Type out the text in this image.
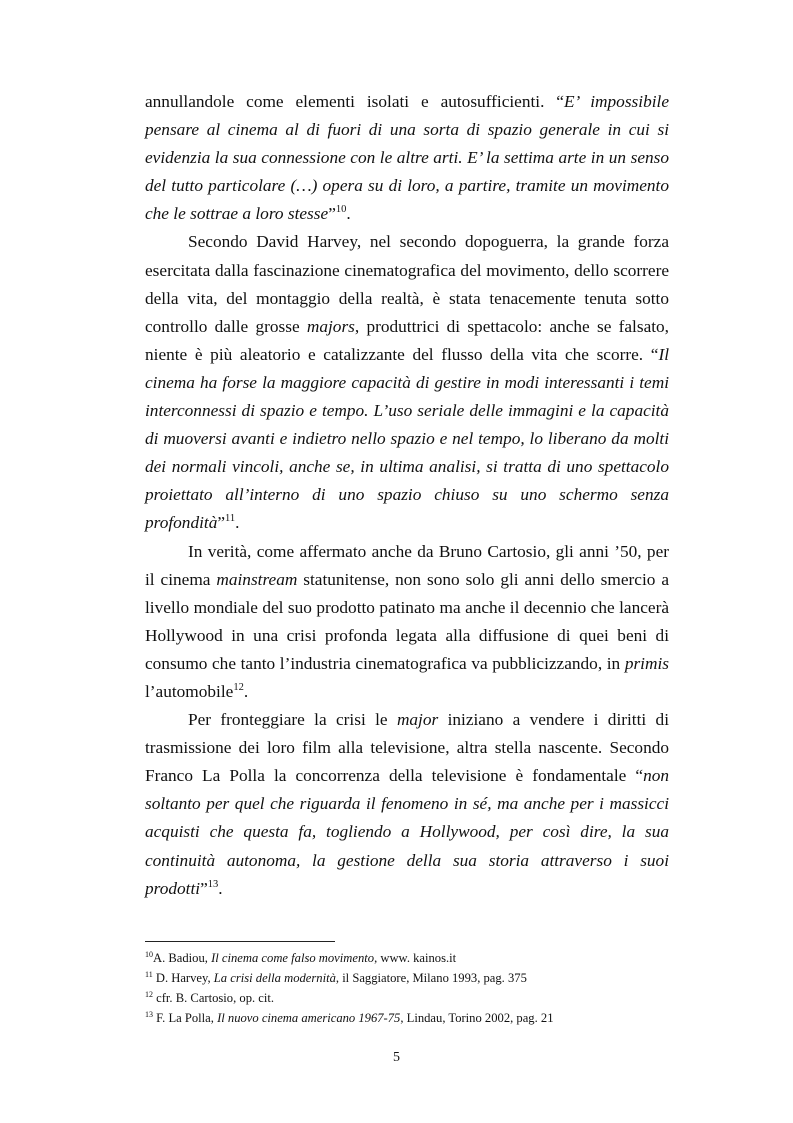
annullandole come elementi isolati e autosufficienti. “E’ impossibile pensare al cinema al di fuori di una sorta di spazio generale in cui si evidenzia la sua connessione con le altre arti. E’ la settima arte in un senso del tutto particolare (…) opera su di loro, a partire, tramite un movimento che le sottrae a loro stesse”$^{10}$.

Secondo David Harvey, nel secondo dopoguerra, la grande forza esercitata dalla fascinazione cinematografica del movimento, dello scorrere della vita, del montaggio della realtà, è stata tenacemente tenuta sotto controllo dalle grosse majors, produttrici di spettacolo: anche se falsato, niente è più aleatorio e catalizzante del flusso della vita che scorre. “Il cinema ha forse la maggiore capacità di gestire in modi interessanti i temi interconnessi di spazio e tempo. L’uso seriale delle immagini e la capacità di muoversi avanti e indietro nello spazio e nel tempo, lo liberano da molti dei normali vincoli, anche se, in ultima analisi, si tratta di uno spettacolo proiettato all’interno di uno spazio chiuso su uno schermo senza profondità”$^{11}$.

In verità, come affermato anche da Bruno Cartosio, gli anni ’50, per il cinema mainstream statunitense, non sono solo gli anni dello smercio a livello mondiale del suo prodotto patinato ma anche il decennio che lancerà Hollywood in una crisi profonda legata alla diffusione di quei beni di consumo che tanto l’industria cinematografica va pubblicizzando, in primis l’automobile$^{12}$.

Per fronteggiare la crisi le major iniziano a vendere i diritti di trasmissione dei loro film alla televisione, altra stella nascente. Secondo Franco La Polla la concorrenza della televisione è fondamentale “non soltanto per quel che riguarda il fenomeno in sé, ma anche per i massicci acquisti che questa fa, togliendo a Hollywood, per così dire, la sua continuità autonoma, la gestione della sua storia attraverso i suoi prodotti”$^{13}$.

$^{10}$A. Badiou, Il cinema come falso movimento, www. kainos.it
$^{11}$ D. Harvey, La crisi della modernità, il Saggiatore, Milano 1993, pag. 375
$^{12}$ cfr. B. Cartosio, op. cit.
$^{13}$ F. La Polla, Il nuovo cinema americano 1967-75, Lindau, Torino 2002, pag. 21
5
